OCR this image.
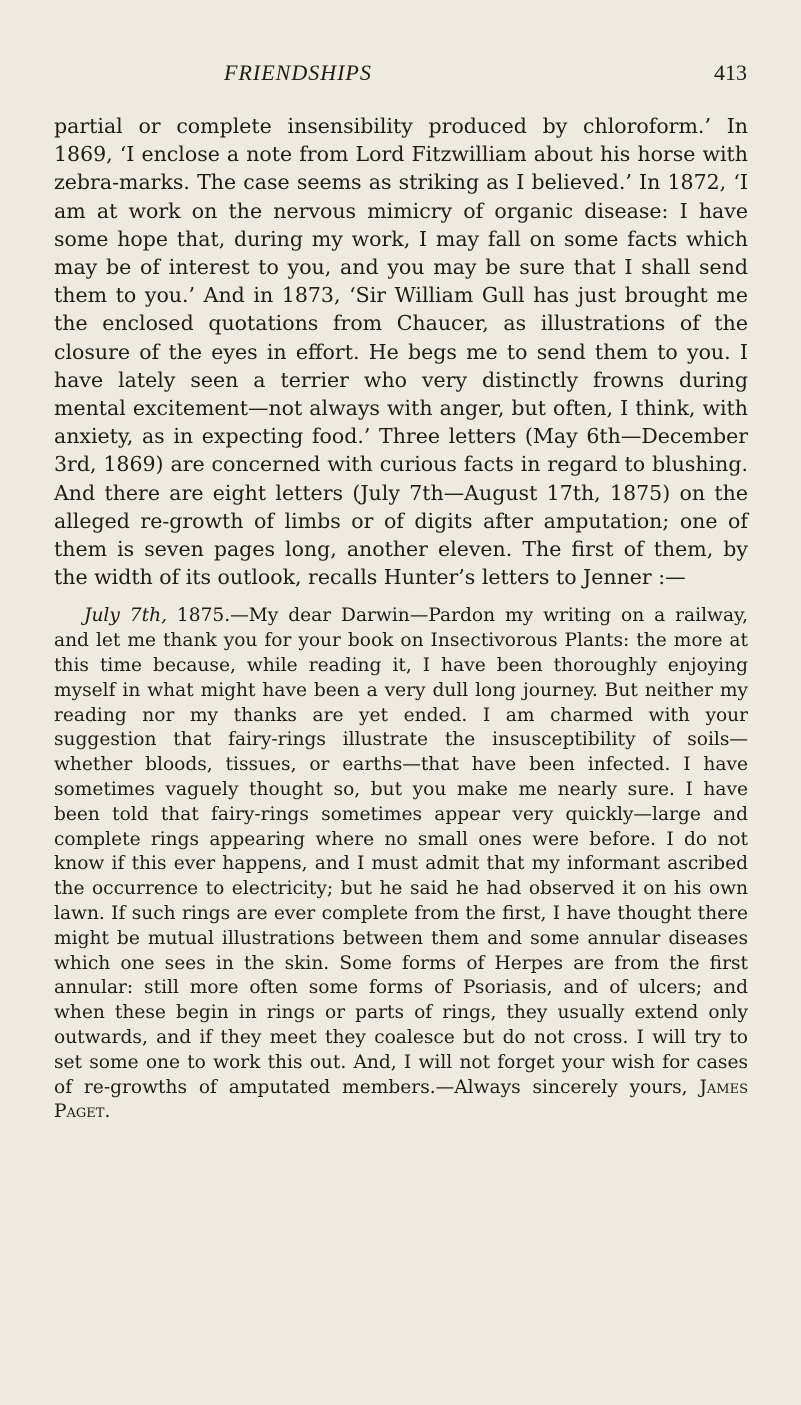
FRIENDSHIPS	413

partial or complete insensibility produced by chloroform.’ In 1869, ‘I enclose a note from Lord Fitzwilliam about his horse with zebra-marks. The case seems as striking as I believed.’ In 1872, ‘I am at work on the nervous mimicry of organic disease: I have some hope that, during my work, I may fall on some facts which may be of interest to you, and you may be sure that I shall send them to you.’ And in 1873, ‘Sir William Gull has just brought me the enclosed quotations from Chaucer, as illustrations of the closure of the eyes in effort. He begs me to send them to you. I have lately seen a terrier who very distinctly frowns during mental excitement—not always with anger, but often, I think, with anxiety, as in expecting food.’ Three letters (May 6th—December 3rd, 1869) are concerned with curious facts in regard to blushing. And there are eight letters (July 7th—August 17th, 1875) on the alleged re-growth of limbs or of digits after amputation; one of them is seven pages long, another eleven. The first of them, by the width of its outlook, recalls Hunter’s letters to Jenner :—

July 7th, 1875.—My dear Darwin—Pardon my writing on a railway, and let me thank you for your book on Insectivorous Plants: the more at this time because, while reading it, I have been thoroughly enjoying myself in what might have been a very dull long journey. But neither my reading nor my thanks are yet ended. I am charmed with your suggestion that fairy-rings illustrate the insusceptibility of soils—whether bloods, tissues, or earths—that have been infected. I have sometimes vaguely thought so, but you make me nearly sure. I have been told that fairy-rings sometimes appear very quickly—large and complete rings appearing where no small ones were before. I do not know if this ever happens, and I must admit that my informant ascribed the occurrence to electricity; but he said he had observed it on his own lawn. If such rings are ever complete from the first, I have thought there might be mutual illustrations between them and some annular diseases which one sees in the skin. Some forms of Herpes are from the first annular: still more often some forms of Psoriasis, and of ulcers; and when these begin in rings or parts of rings, they usually extend only outwards, and if they meet they coalesce but do not cross. I will try to set some one to work this out. And, I will not forget your wish for cases of re-growths of amputated members.—Always sincerely yours, James Paget.
